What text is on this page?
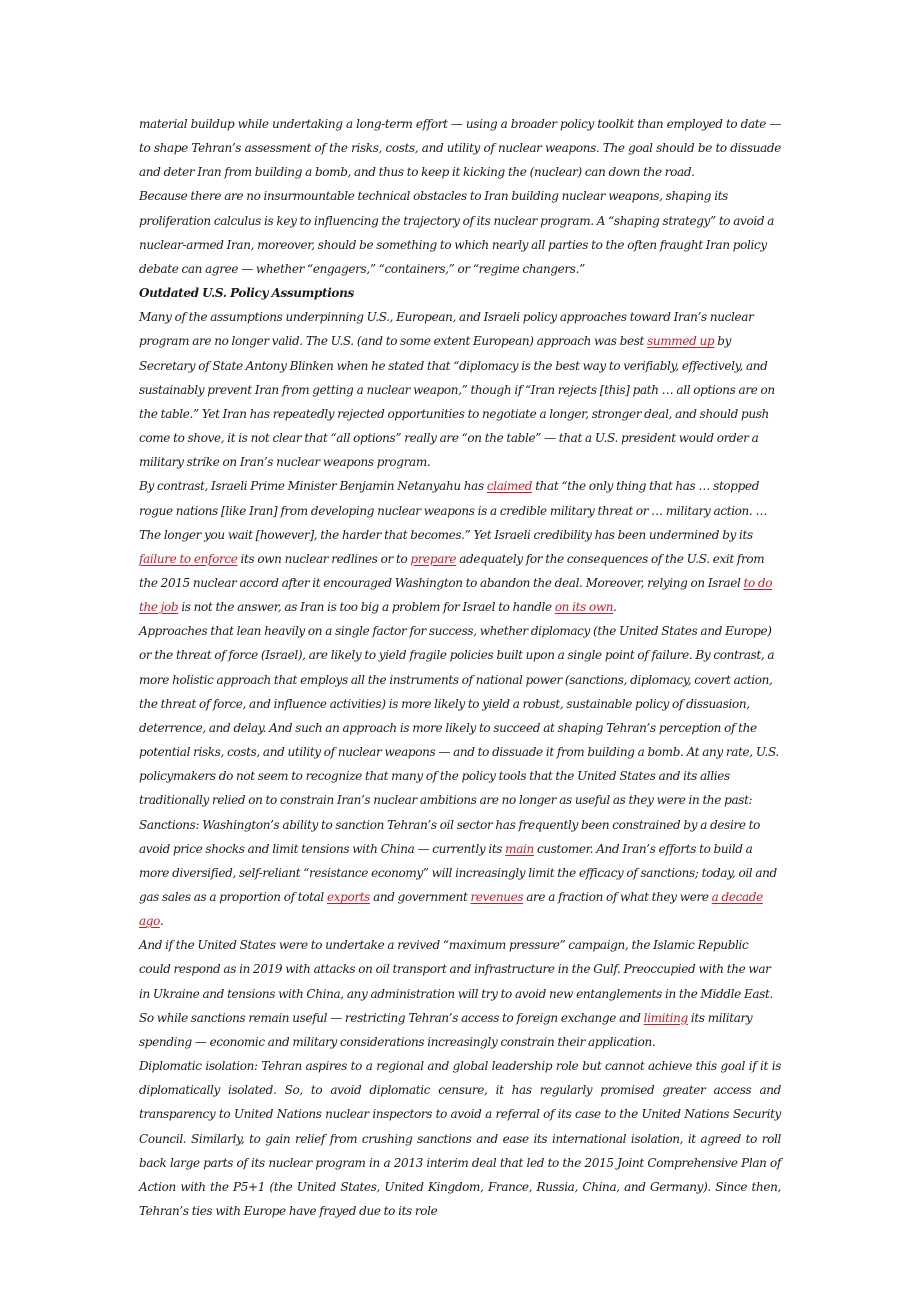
material buildup while undertaking a long-term effort — using a broader policy toolkit than employed to date — to shape Tehran’s assessment of the risks, costs, and utility of nuclear weapons. The goal should be to dissuade and deter Iran from building a bomb, and thus to keep it kicking the (nuclear) can down the road.

Because there are no insurmountable technical obstacles to Iran building nuclear weapons, shaping its proliferation calculus is key to influencing the trajectory of its nuclear program. A “shaping strategy” to avoid a nuclear-armed Iran, moreover, should be something to which nearly all parties to the often fraught Iran policy debate can agree — whether “engagers,” “containers,” or “regime changers.”

Outdated U.S. Policy Assumptions

Many of the assumptions underpinning U.S., European, and Israeli policy approaches toward Iran’s nuclear program are no longer valid. The U.S. (and to some extent European) approach was best summed up by Secretary of State Antony Blinken when he stated that “diplomacy is the best way to verifiably, effectively, and sustainably prevent Iran from getting a nuclear weapon,” though if “Iran rejects [this] path … all options are on the table.” Yet Iran has repeatedly rejected opportunities to negotiate a longer, stronger deal, and should push come to shove, it is not clear that “all options” really are “on the table” — that a U.S. president would order a military strike on Iran’s nuclear weapons program.

By contrast, Israeli Prime Minister Benjamin Netanyahu has claimed that “the only thing that has … stopped rogue nations [like Iran] from developing nuclear weapons is a credible military threat or … military action. … The longer you wait [however], the harder that becomes.” Yet Israeli credibility has been undermined by its failure to enforce its own nuclear redlines or to prepare adequately for the consequences of the U.S. exit from the 2015 nuclear accord after it encouraged Washington to abandon the deal. Moreover, relying on Israel to do the job is not the answer, as Iran is too big a problem for Israel to handle on its own.

Approaches that lean heavily on a single factor for success, whether diplomacy (the United States and Europe) or the threat of force (Israel), are likely to yield fragile policies built upon a single point of failure. By contrast, a more holistic approach that employs all the instruments of national power (sanctions, diplomacy, covert action, the threat of force, and influence activities) is more likely to yield a robust, sustainable policy of dissuasion, deterrence, and delay. And such an approach is more likely to succeed at shaping Tehran’s perception of the potential risks, costs, and utility of nuclear weapons — and to dissuade it from building a bomb. At any rate, U.S. policymakers do not seem to recognize that many of the policy tools that the United States and its allies traditionally relied on to constrain Iran’s nuclear ambitions are no longer as useful as they were in the past:

Sanctions: Washington’s ability to sanction Tehran’s oil sector has frequently been constrained by a desire to avoid price shocks and limit tensions with China — currently its main customer. And Iran’s efforts to build a more diversified, self-reliant “resistance economy” will increasingly limit the efficacy of sanctions; today, oil and gas sales as a proportion of total exports and government revenues are a fraction of what they were a decade ago.

And if the United States were to undertake a revived “maximum pressure” campaign, the Islamic Republic could respond as in 2019 with attacks on oil transport and infrastructure in the Gulf. Preoccupied with the war in Ukraine and tensions with China, any administration will try to avoid new entanglements in the Middle East. So while sanctions remain useful — restricting Tehran’s access to foreign exchange and limiting its military spending — economic and military considerations increasingly constrain their application.

Diplomatic isolation: Tehran aspires to a regional and global leadership role but cannot achieve this goal if it is diplomatically isolated. So, to avoid diplomatic censure, it has regularly promised greater access and transparency to United Nations nuclear inspectors to avoid a referral of its case to the United Nations Security Council. Similarly, to gain relief from crushing sanctions and ease its international isolation, it agreed to roll back large parts of its nuclear program in a 2013 interim deal that led to the 2015 Joint Comprehensive Plan of Action with the P5+1 (the United States, United Kingdom, France, Russia, China, and Germany). Since then, Tehran’s ties with Europe have frayed due to its role
